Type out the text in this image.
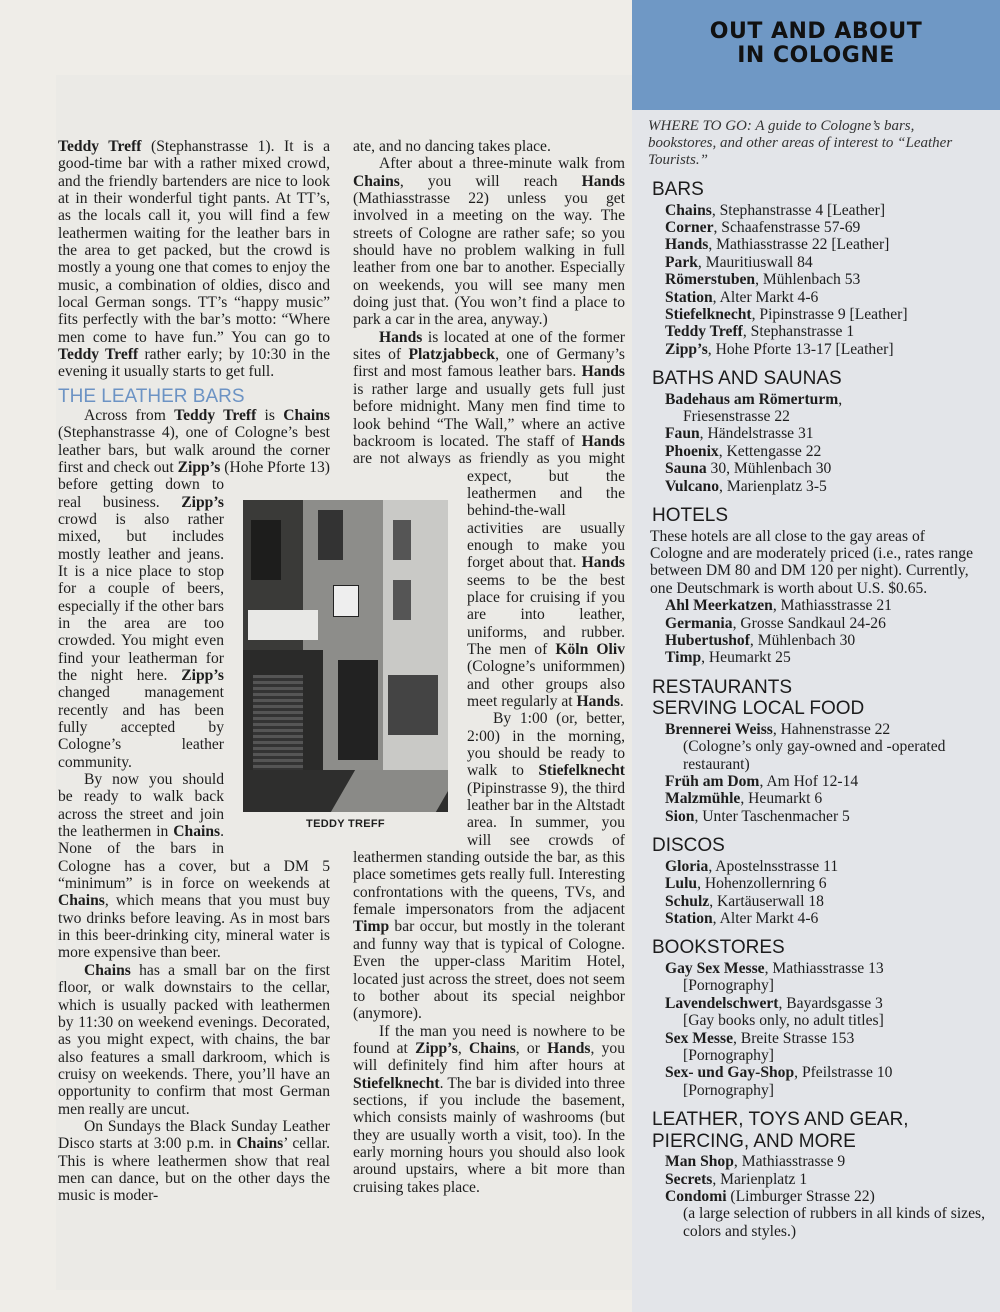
Teddy Treff (Stephanstrasse 1). It is a good-time bar with a rather mixed crowd, and the friendly bartenders are nice to look at in their wonderful tight pants. At TT’s, as the locals call it, you will find a few leathermen waiting for the leather bars in the area to get packed, but the crowd is mostly a young one that comes to enjoy the music, a combination of oldies, disco and local German songs. TT’s “happy music” fits perfectly with the bar’s motto: “Where men come to have fun.” You can go to Teddy Treff rather early; by 10:30 in the evening it usually starts to get full.

THE LEATHER BARS

Across from Teddy Treff is Chains (Stephanstrasse 4), one of Cologne’s best leather bars, but walk around the corner first and check out Zipp’s (Hohe Pforte 13) before getting down to real business. Zipp’s crowd is also rather mixed, but includes mostly leather and jeans. It is a nice place to stop for a couple of beers, especially if the other bars in the area are too crowded. You might even find your leatherman for the night here. Zipp’s changed management recently and has been fully accepted by Cologne’s leather community.

By now you should be ready to walk back across the street and join the leathermen in Chains. None of the bars in Cologne has a cover, but a DM 5 “minimum” is in force on weekends at Chains, which means that you must buy two drinks before leaving. As in most bars in this beer-drinking city, mineral water is more expensive than beer.

Chains has a small bar on the first floor, or walk downstairs to the cellar, which is usually packed with leathermen by 11:30 on weekend evenings. Decorated, as you might expect, with chains, the bar also features a small darkroom, which is cruisy on weekends. There, you’ll have an opportunity to confirm that most German men really are uncut.

On Sundays the Black Sunday Leather Disco starts at 3:00 p.m. in Chains’ cellar. This is where leathermen show that real men can dance, but on the other days the music is moder-

ate, and no dancing takes place.

After about a three-minute walk from Chains, you will reach Hands (Mathiasstrasse 22) unless you get involved in a meeting on the way. The streets of Cologne are rather safe; so you should have no problem walking in full leather from one bar to another. Especially on weekends, you will see many men doing just that. (You won’t find a place to park a car in the area, anyway.)

Hands is located at one of the former sites of Platzjabbeck, one of Germany’s first and most famous leather bars. Hands is rather large and usually gets full just before midnight. Many men find time to look behind “The Wall,” where an active backroom is located. The staff of Hands are not always as friendly as you might expect, but the leathermen and the behind-the-wall activities are usually enough to make you forget about that. Hands seems to be the best place for cruising if you are into leather, uniforms, and rubber. The men of Köln Oliv (Cologne’s uniformmen) and other groups also meet regularly at Hands.

By 1:00 (or, better, 2:00) in the morning, you should be ready to walk to Stiefelknecht (Pipinstrasse 9), the third leather bar in the Altstadt area. In summer, you will see crowds of leathermen standing outside the bar, as this place sometimes gets really full. Interesting confrontations with the queens, TVs, and female impersonators from the adjacent Timp bar occur, but mostly in the tolerant and funny way that is typical of Cologne. Even the upper-class Maritim Hotel, located just across the street, does not seem to bother about its special neighbor (anymore).

If the man you need is nowhere to be found at Zipp’s, Chains, or Hands, you will definitely find him after hours at Stiefelknecht. The bar is divided into three sections, if you include the basement, which consists mainly of washrooms (but they are usually worth a visit, too). In the early morning hours you should also look around upstairs, where a bit more than cruising takes place.

TEDDY TREFF
OUT AND ABOUT
IN COLOGNE
WHERE TO GO: A guide to Cologne’s bars, bookstores, and other areas of interest to “Leather Tourists.”
BARS
Chains, Stephanstrasse 4 [Leather]
Corner, Schaafenstrasse 57-69
Hands, Mathiasstrasse 22 [Leather]
Park, Mauritiuswall 84
Römerstuben, Mühlenbach 53
Station, Alter Markt 4-6
Stiefelknecht, Pipinstrasse 9 [Leather]
Teddy Treff, Stephanstrasse 1
Zipp’s, Hohe Pforte 13-17 [Leather]
BATHS AND SAUNAS
Badehaus am Römerturm,
Friesenstrasse 22
Faun, Händelstrasse 31
Phoenix, Kettengasse 22
Sauna 30, Mühlenbach 30
Vulcano, Marienplatz 3-5
HOTELS
These hotels are all close to the gay areas of Cologne and are moderately priced (i.e., rates range between DM 80 and DM 120 per night). Currently, one Deutschmark is worth about U.S. $0.65.
Ahl Meerkatzen, Mathiasstrasse 21
Germania, Grosse Sandkaul 24-26
Hubertushof, Mühlenbach 30
Timp, Heumarkt 25
RESTAURANTS
SERVING LOCAL FOOD
Brennerei Weiss, Hahnenstrasse 22
(Cologne’s only gay-owned and -operated restaurant)
Früh am Dom, Am Hof 12-14
Malzmühle, Heumarkt 6
Sion, Unter Taschenmacher 5
DISCOS
Gloria, Apostelnsstrasse 11
Lulu, Hohenzollernring 6
Schulz, Kartäuserwall 18
Station, Alter Markt 4-6
BOOKSTORES
Gay Sex Messe, Mathiasstrasse 13
[Pornography]
Lavendelschwert, Bayardsgasse 3
[Gay books only, no adult titles]
Sex Messe, Breite Strasse 153
[Pornography]
Sex- und Gay-Shop, Pfeilstrasse 10
[Pornography]
LEATHER, TOYS AND GEAR,
PIERCING, AND MORE
Man Shop, Mathiasstrasse 9
Secrets, Marienplatz 1
Condomi (Limburger Strasse 22)
(a large selection of rubbers in all kinds of sizes, colors and styles.)
